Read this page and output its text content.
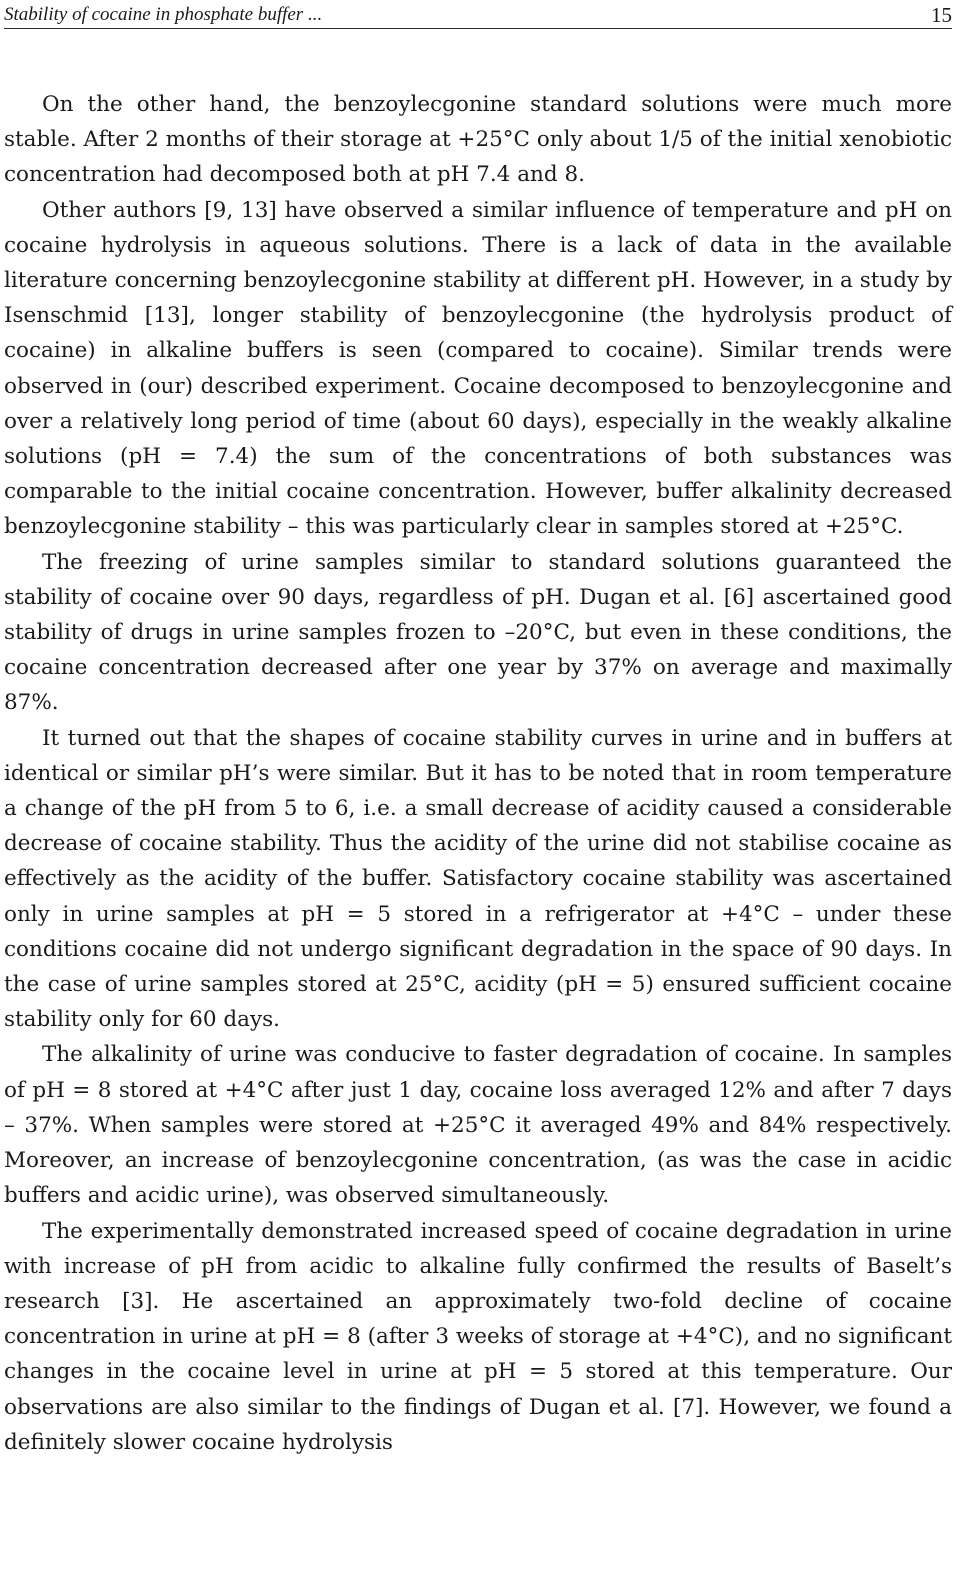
Stability of cocaine in phosphate buffer ...	15

On the other hand, the benzoylecgonine standard solutions were much more stable. After 2 months of their storage at +25°C only about 1/5 of the initial xenobiotic concentration had decomposed both at pH 7.4 and 8.

Other authors [9, 13] have observed a similar influence of temperature and pH on cocaine hydrolysis in aqueous solutions. There is a lack of data in the available literature concerning benzoylecgonine stability at different pH. However, in a study by Isenschmid [13], longer stability of benzoylecgonine (the hydrolysis product of cocaine) in alkaline buffers is seen (compared to cocaine). Similar trends were observed in (our) described experiment. Cocaine decomposed to benzoylecgonine and over a relatively long period of time (about 60 days), especially in the weakly alkaline solutions (pH = 7.4) the sum of the concentrations of both substances was comparable to the initial cocaine concentration. However, buffer alkalinity decreased benzoylecgonine stability – this was particularly clear in samples stored at +25°C.

The freezing of urine samples similar to standard solutions guaranteed the stability of cocaine over 90 days, regardless of pH. Dugan et al. [6] ascertained good stability of drugs in urine samples frozen to –20°C, but even in these conditions, the cocaine concentration decreased after one year by 37% on average and maximally 87%.

It turned out that the shapes of cocaine stability curves in urine and in buffers at identical or similar pH’s were similar. But it has to be noted that in room temperature a change of the pH from 5 to 6, i.e. a small decrease of acidity caused a considerable decrease of cocaine stability. Thus the acidity of the urine did not stabilise cocaine as effectively as the acidity of the buffer. Satisfactory cocaine stability was ascertained only in urine samples at pH = 5 stored in a refrigerator at +4°C – under these conditions cocaine did not undergo significant degradation in the space of 90 days. In the case of urine samples stored at 25°C, acidity (pH = 5) ensured sufficient cocaine stability only for 60 days.

The alkalinity of urine was conducive to faster degradation of cocaine. In samples of pH = 8 stored at +4°C after just 1 day, cocaine loss averaged 12% and after 7 days – 37%. When samples were stored at +25°C it averaged 49% and 84% respectively. Moreover, an increase of benzoylecgonine concentration, (as was the case in acidic buffers and acidic urine), was observed simultaneously.

The experimentally demonstrated increased speed of cocaine degradation in urine with increase of pH from acidic to alkaline fully confirmed the results of Baselt’s research [3]. He ascertained an approximately two-fold decline of cocaine concentration in urine at pH = 8 (after 3 weeks of storage at +4°C), and no significant changes in the cocaine level in urine at pH = 5 stored at this temperature. Our observations are also similar to the findings of Dugan et al. [7]. However, we found a definitely slower cocaine hydrolysis
